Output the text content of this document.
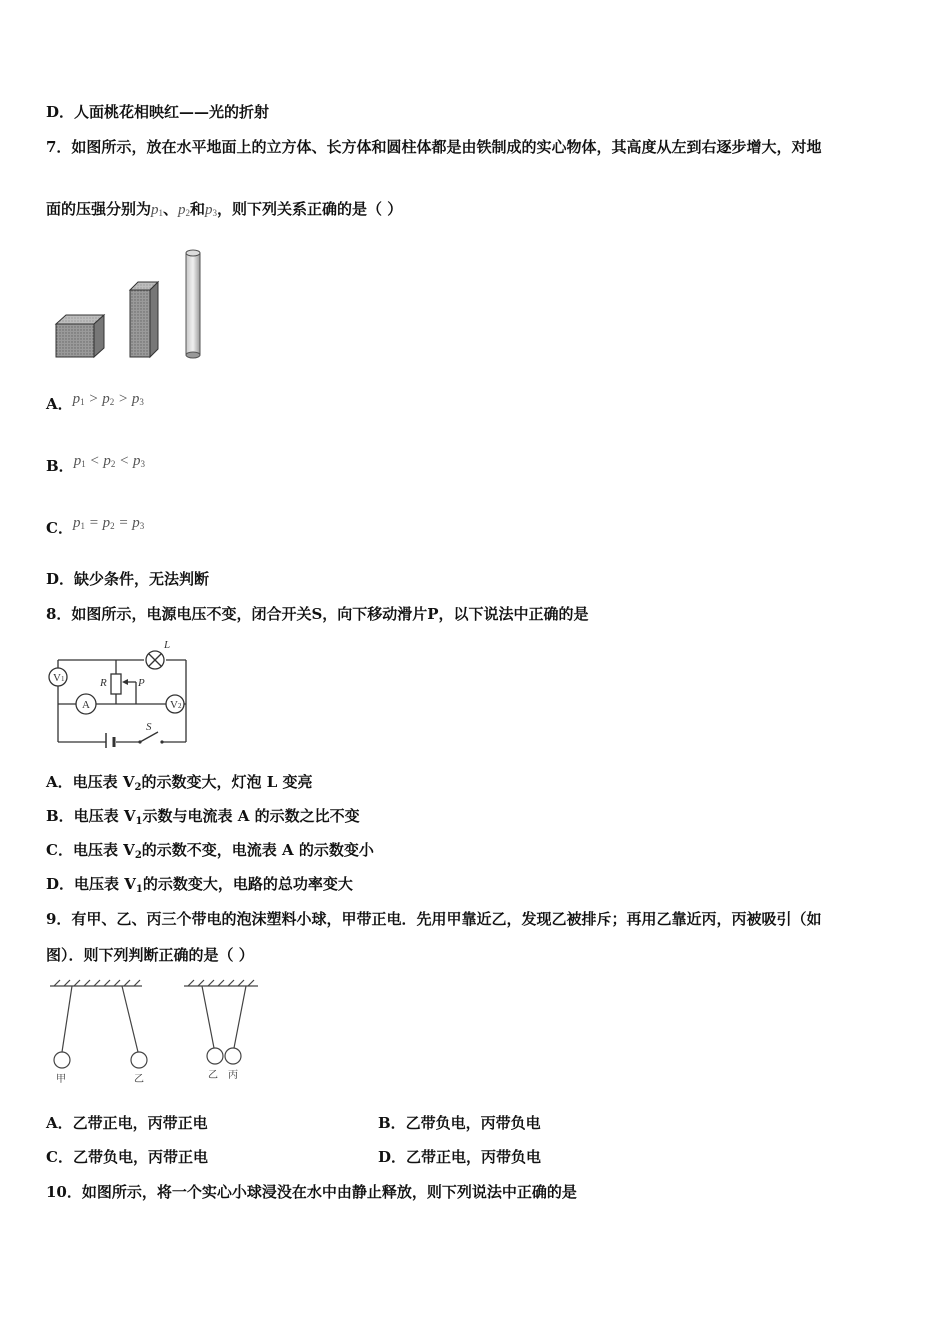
D．人面桃花相映红——光的折射
7．如图所示，放在水平地面上的立方体、长方体和圆柱体都是由铁制成的实心物体，其高度从左到右逐步增大，对地
面的压强分别为$p_1$、$p_2$和$p_3$，则下列关系正确的是（ ）
A．$p_1 > p_2 > p_3$
B．$p_1 < p_2 < p_3$
C．$p_1 = p_2 = p_3$
D．缺少条件，无法判断
8．如图所示，电源电压不变，闭合开关S，向下移动滑片P，以下说法中正确的是
V1
A	V2
L
R	P
S
A．电压表 $V_2$的示数变大，灯泡 L 变亮
B．电压表 $V_1$示数与电流表 A 的示数之比不变
C．电压表 $V_2$的示数不变，电流表 A 的示数变小
D．电压表 $V_1$的示数变大，电路的总功率变大
9．有甲、乙、丙三个带电的泡沫塑料小球，甲带正电．先用甲靠近乙，发现乙被排斥；再用乙靠近丙，丙被吸引（如
图）．则下列判断正确的是（ ）
甲	乙	乙 丙
A．乙带正电，丙带正电	B．乙带负电，丙带负电
C．乙带负电，丙带正电	D．乙带正电，丙带负电
10．如图所示，将一个实心小球浸没在水中由静止释放，则下列说法中正确的是
